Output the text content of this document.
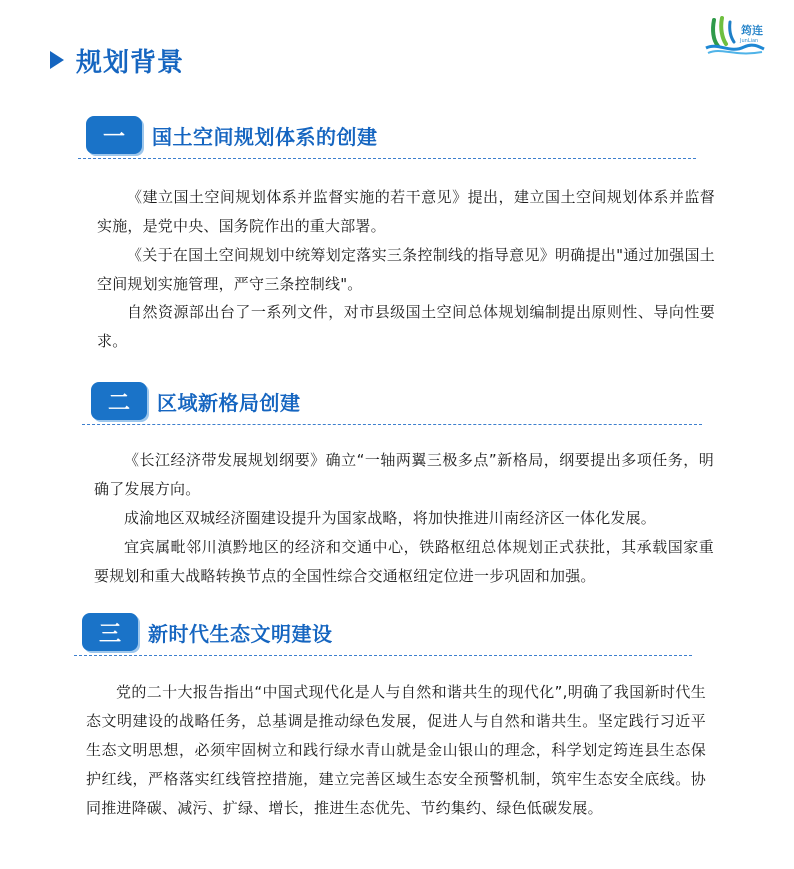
筠连
JunLian
规划背景
一	国土空间规划体系的创建

《建立国土空间规划体系并监督实施的若干意见》提出，建立国土空间规划体系并监督实施，是党中央、国务院作出的重大部署。

《关于在国土空间规划中统筹划定落实三条控制线的指导意见》明确提出"通过加强国土空间规划实施管理，严守三条控制线"。

自然资源部出台了一系列文件，对市县级国土空间总体规划编制提出原则性、导向性要求。

二	区域新格局创建

《长江经济带发展规划纲要》确立“一轴两翼三极多点”新格局，纲要提出多项任务，明确了发展方向。

成渝地区双城经济圈建设提升为国家战略，将加快推进川南经济区一体化发展。

宜宾属毗邻川滇黔地区的经济和交通中心，铁路枢纽总体规划正式获批，其承载国家重要规划和重大战略转换节点的全国性综合交通枢纽定位进一步巩固和加强。

三	新时代生态文明建设

党的二十大报告指出“中国式现代化是人与自然和谐共生的现代化”,明确了我国新时代生态文明建设的战略任务，总基调是推动绿色发展，促进人与自然和谐共生。坚定践行习近平生态文明思想，必须牢固树立和践行绿水青山就是金山银山的理念，科学划定筠连县生态保护红线，严格落实红线管控措施，建立完善区域生态安全预警机制，筑牢生态安全底线。协同推进降碳、减污、扩绿、增长，推进生态优先、节约集约、绿色低碳发展。
